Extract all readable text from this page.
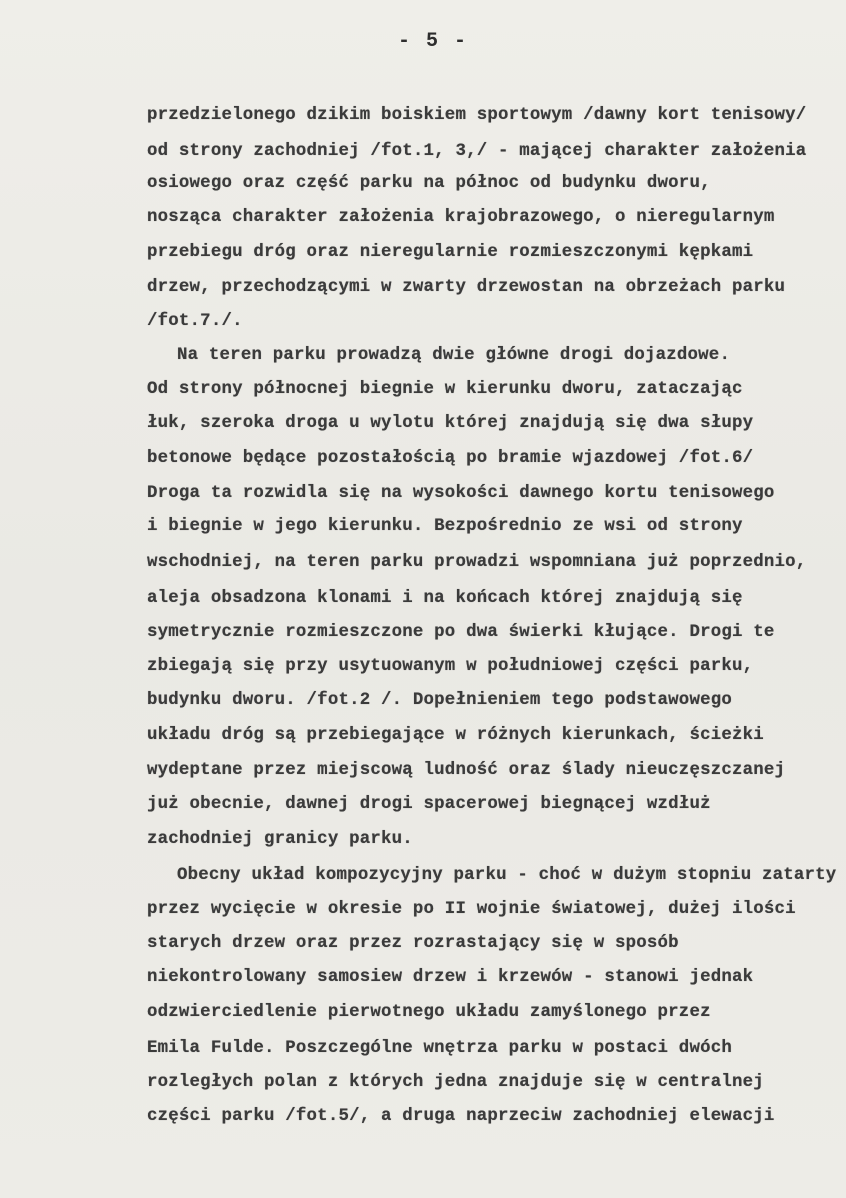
- 5 -
przedzielonego dzikim boiskiem sportowym /dawny kort tenisowy/
od strony zachodniej /fot.1, 3,/ - mającej charakter założenia
osiowego oraz część parku na północ od budynku dworu,
nosząca charakter założenia krajobrazowego, o nieregularnym
przebiegu dróg oraz nieregularnie rozmieszczonymi kępkami
drzew, przechodzącymi w zwarty drzewostan na obrzeżach parku
/fot.7./.
Na teren parku prowadzą dwie główne drogi dojazdowe.
Od strony północnej biegnie w kierunku dworu, zataczając
łuk, szeroka droga u wylotu której znajdują się dwa słupy
betonowe będące pozostałością po bramie wjazdowej /fot.6/
Droga ta rozwidla się na wysokości dawnego kortu tenisowego
i biegnie w jego kierunku. Bezpośrednio ze wsi od strony
wschodniej, na teren parku prowadzi wspomniana już poprzednio,
aleja obsadzona klonami i na końcach której znajdują się
symetrycznie rozmieszczone po dwa świerki kłujące. Drogi te
zbiegają się przy usytuowanym w południowej części parku,
budynku dworu. /fot.2 /. Dopełnieniem tego podstawowego
układu dróg są przebiegające w różnych kierunkach, ścieżki
wydeptane przez miejscową ludność oraz ślady nieuczęszczanej
już obecnie, dawnej drogi spacerowej biegnącej wzdłuż
zachodniej granicy parku.
Obecny układ kompozycyjny parku - choć w dużym stopniu zatarty
przez wycięcie w okresie po II wojnie światowej, dużej ilości
starych drzew oraz przez rozrastający się w sposób
niekontrolowany samosiew drzew i krzewów - stanowi jednak
odzwierciedlenie pierwotnego układu zamyślonego przez
Emila Fulde. Poszczególne wnętrza parku w postaci dwóch
rozległych polan z których jedna znajduje się w centralnej
części parku /fot.5/, a druga naprzeciw zachodniej elewacji
